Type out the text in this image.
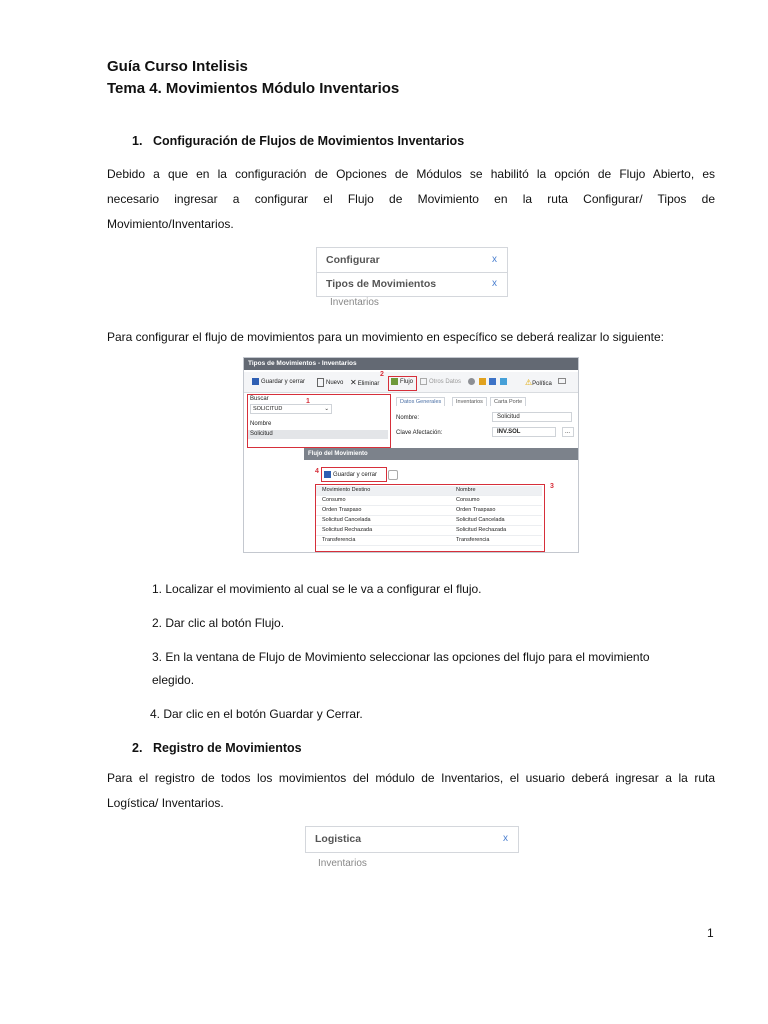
Guía Curso Intelisis
Tema 4. Movimientos Módulo Inventarios
1. Configuración de Flujos de Movimientos Inventarios
Debido a que en la configuración de Opciones de Módulos se habilitó la opción de Flujo Abierto, es
necesario ingresar a configurar el Flujo de Movimiento en la ruta Configurar/ Tipos de
Movimiento/Inventarios.
Configurar	x
Tipos de Movimientos	x
Inventarios
Para configurar el flujo de movimientos para un movimiento en específico se deberá realizar lo siguiente:
Tipos de Movimientos - Inventarios
Guardar y cerrar	Nuevo ✕Eliminar	Flujo	Otros Datos
	⚠Política
Buscar
SOLICITUD	⌄
Nombre
Solicitud
Datos Generales	Inventarios	Carta Porte
Nombre:	Solicitud
Clave Afectación:	INV.SOL	...
Flujo del Movimiento
Guardar y cerrar
Movimiento Destino	Nombre
Consumo	Consumo
Orden Traspaso	Orden Traspaso
Solicitud Cancelada	Solicitud Cancelada
Solicitud Rechazada	Solicitud Rechazada
Transferencia	Transferencia
1
2
3
4
1. Localizar el movimiento al cual se le va a configurar el flujo.
2. Dar clic al botón Flujo.
3. En la ventana de Flujo de Movimiento seleccionar las opciones del flujo para el movimiento
elegido.
4. Dar clic en el botón Guardar y Cerrar.
2. Registro de Movimientos
Para el registro de todos los movimientos del módulo de Inventarios, el usuario deberá ingresar a la ruta
Logística/ Inventarios.
Logistica	x
Inventarios
1
